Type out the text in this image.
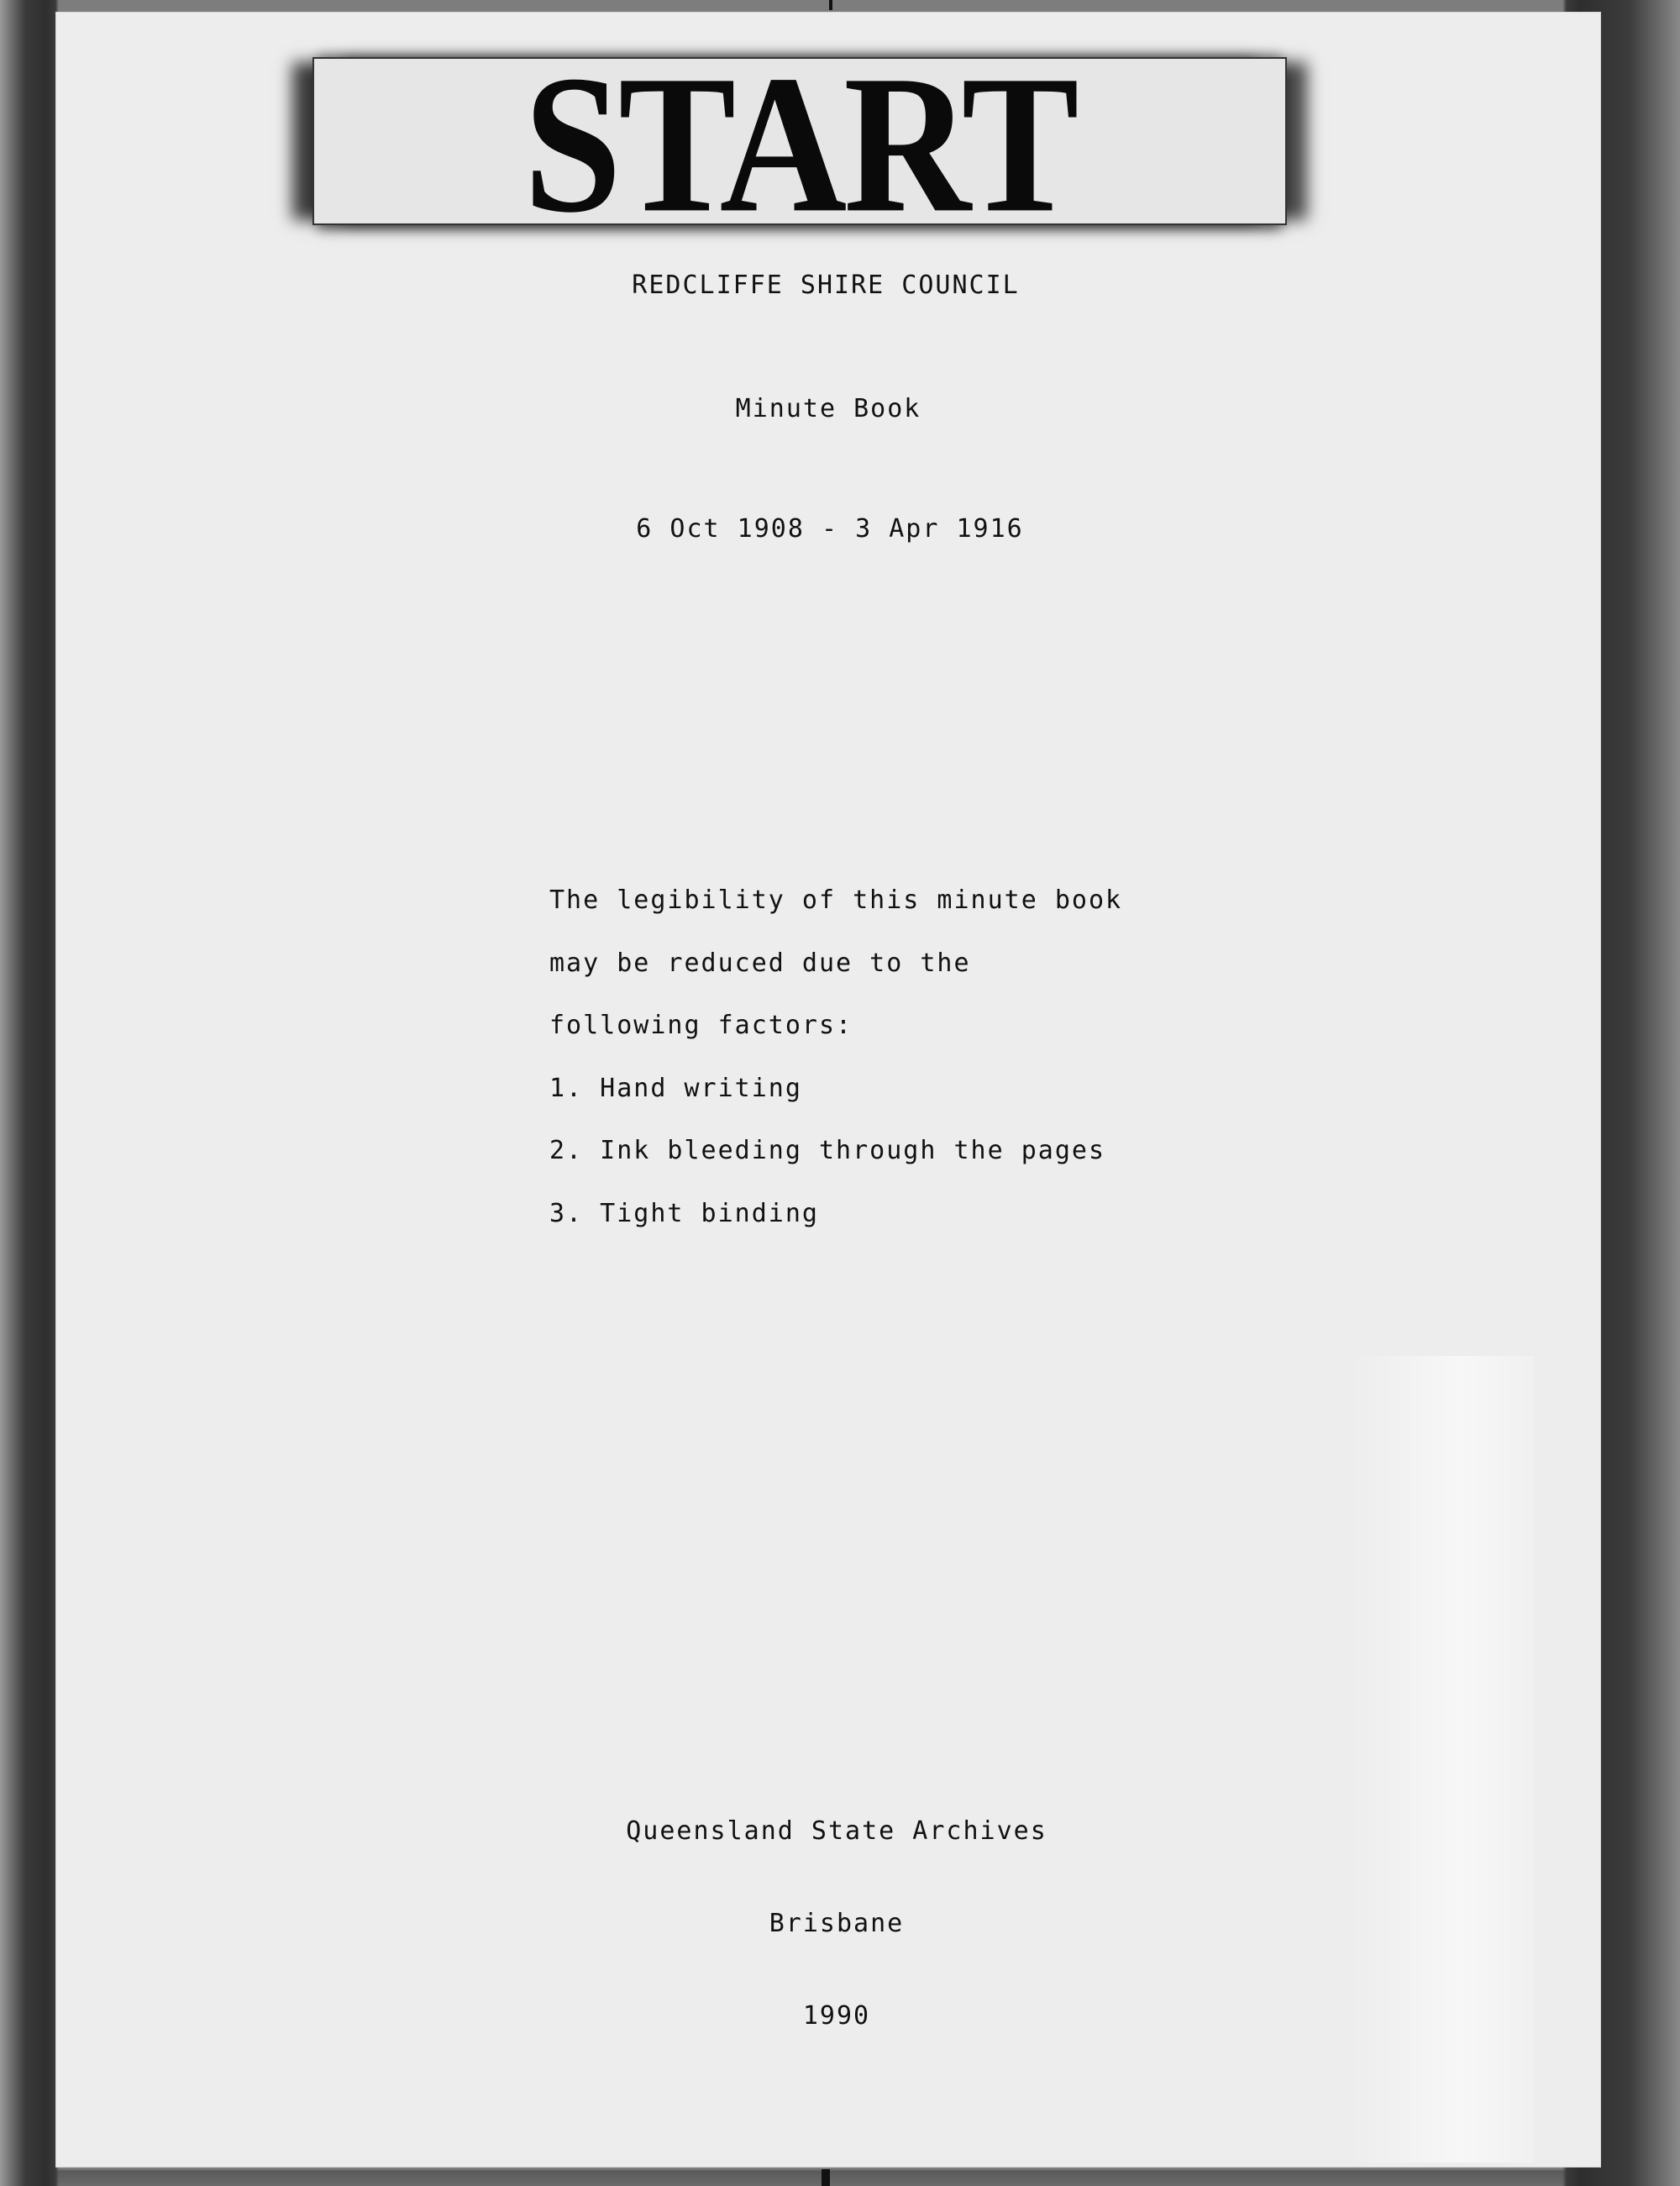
START
REDCLIFFE SHIRE COUNCIL
Minute Book
6 Oct 1908 - 3 Apr 1916
The legibility of this minute book
may be reduced due to the
following factors:
1. Hand writing
2. Ink bleeding through the pages
3. Tight binding
Queensland State Archives
Brisbane
1990
